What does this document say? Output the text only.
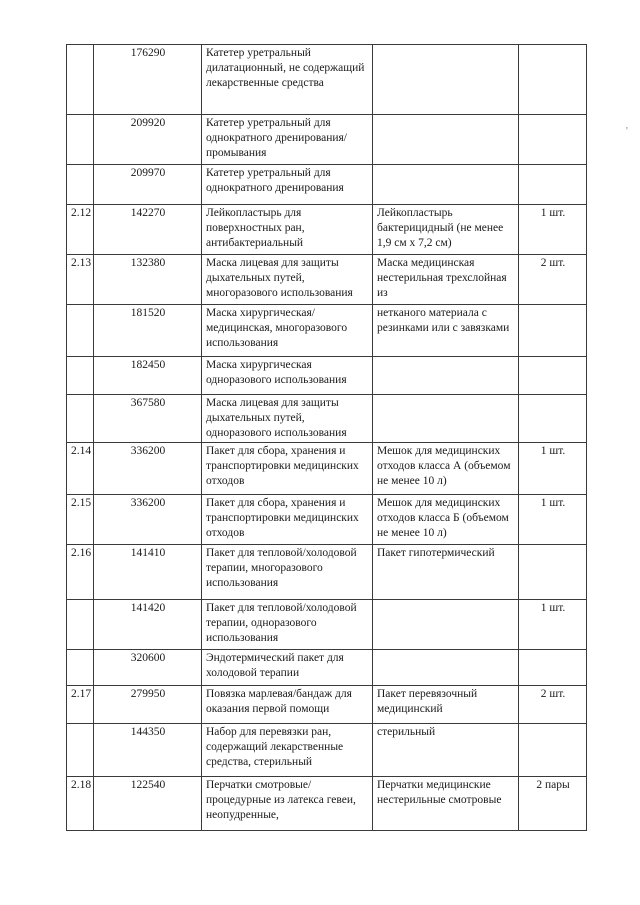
	176290	Катетер уретральный дилатационный, не содержащий лекарственные средства		
	209920	Катетер уретральный для однократного дренирования/промывания		
	209970	Катетер уретральный для однократного дренирования		
2.12	142270	Лейкопластырь для поверхностных ран, антибактериальный	Лейкопластырь бактерицидный (не менее 1,9 см х 7,2 см)	1 шт.
2.13	132380	Маска лицевая для защиты дыхательных путей, многоразового использования	Маска медицинская нестерильная трехслойная из	2 шт.
	181520	Маска хирургическая/медицинская, многоразового использования	нетканого материала с резинками или с завязками	
	182450	Маска хирургическая одноразового использования		
	367580	Маска лицевая для защиты дыхательных путей, одноразового использования		
2.14	336200	Пакет для сбора, хранения и транспортировки медицинских отходов	Мешок для медицинских отходов класса А (объемом не менее 10 л)	1 шт.
2.15	336200	Пакет для сбора, хранения и транспортировки медицинских отходов	Мешок для медицинских отходов класса Б (объемом не менее 10 л)	1 шт.
2.16	141410	Пакет для тепловой/холодовой терапии, многоразового использования	Пакет гипотермический	
	141420	Пакет для тепловой/холодовой терапии, одноразового использования		1 шт.
	320600	Эндотермический пакет для холодовой терапии		
2.17	279950	Повязка марлевая/бандаж для оказания первой помощи	Пакет перевязочный медицинский	2 шт.
	144350	Набор для перевязки ран, содержащий лекарственные средства, стерильный	стерильный	
2.18	122540	Перчатки смотровые/процедурные из латекса гевеи, неопудренные,	Перчатки медицинские нестерильные смотровые	2 пары
'
